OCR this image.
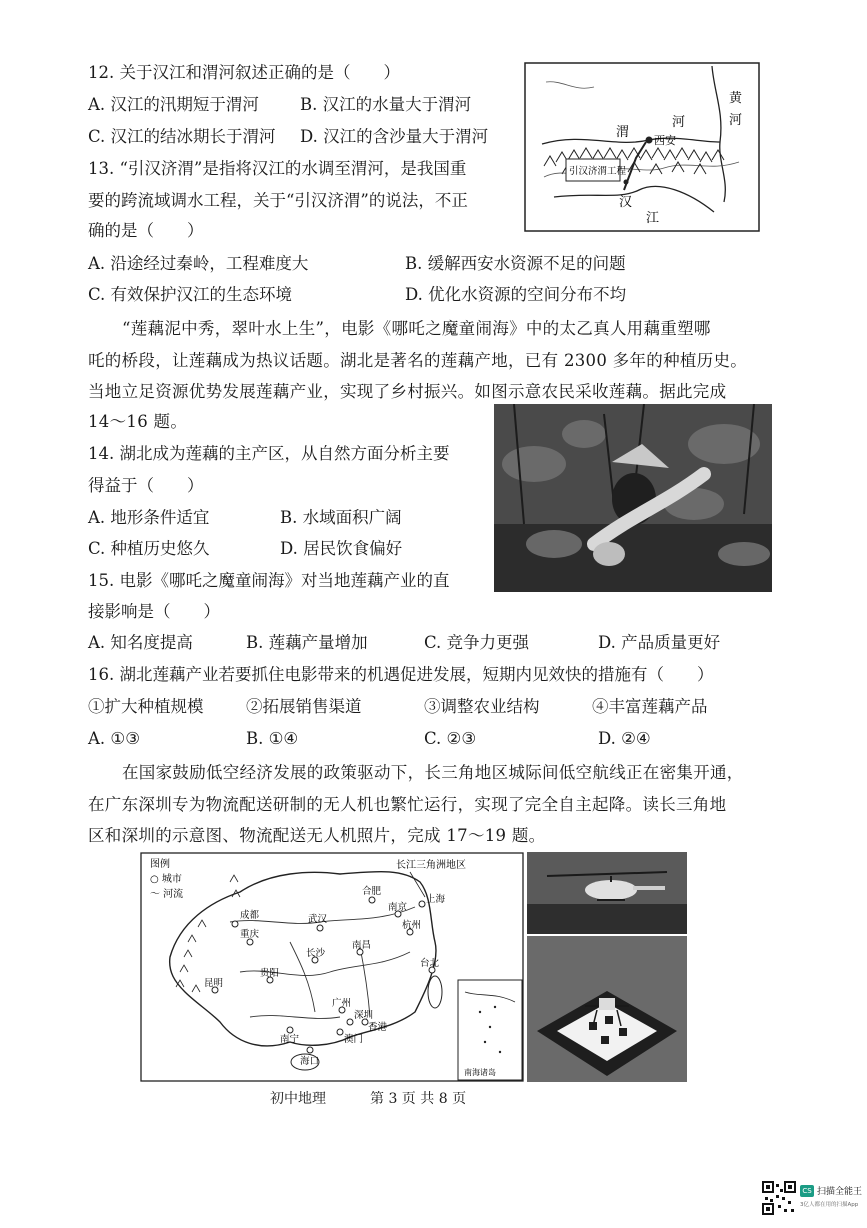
12. 关于汉江和渭河叙述正确的是（　　）
A. 汉江的汛期短于渭河 B. 汉江的水量大于渭河
C. 汉江的结冰期长于渭河 D. 汉江的含沙量大于渭河
13. “引汉济渭”是指将汉江的水调至渭河，是我国重
要的跨流域调水工程，关于“引汉济渭”的说法，不正
确的是（　　）
A. 沿途经过秦岭，工程难度大	B. 缓解西安水资源不足的问题
C. 有效保护汉江的生态环境	D. 优化水资源的空间分布不均
黄
河
渭
河
西安
引汉济渭工程
汉
江
“莲藕泥中秀，翠叶水上生”，电影《哪吒之魔童闹海》中的太乙真人用藕重塑哪
吒的桥段，让莲藕成为热议话题。湖北是著名的莲藕产地，已有 2300 多年的种植历史。
当地立足资源优势发展莲藕产业，实现了乡村振兴。如图示意农民采收莲藕。据此完成
14～16 题。
14. 湖北成为莲藕的主产区，从自然方面分析主要
得益于（　　）
A. 地形条件适宜	B. 水域面积广阔
C. 种植历史悠久	D. 居民饮食偏好
15. 电影《哪吒之魔童闹海》对当地莲藕产业的直
接影响是（　　）
A. 知名度提高	B. 莲藕产量增加	C. 竞争力更强	D. 产品质量更好
16. 湖北莲藕产业若要抓住电影带来的机遇促进发展，短期内见效快的措施有（　　）
①扩大种植规模	②拓展销售渠道	③调整农业结构	④丰富莲藕产品
A. ①③	B. ①④	C. ②③	D. ②④
在国家鼓励低空经济发展的政策驱动下，长三角地区城际间低空航线正在密集开通，
在广东深圳专为物流配送研制的无人机也繁忙运行，实现了完全自主起降。读长三角地
区和深圳的示意图、物流配送无人机照片，完成 17～19 题。
图例
○ 城市
～ 河流
成都
重庆
武汉
合肥
南京
上海
杭州
南昌
长沙
贵阳
昆明
台北
广州
深圳
香港
澳门
南宁
海口
长江三角洲地区
南海诸岛
初中地理	第 3 页 共 8 页
CS 扫描全能王
3亿人都在用的扫描App
